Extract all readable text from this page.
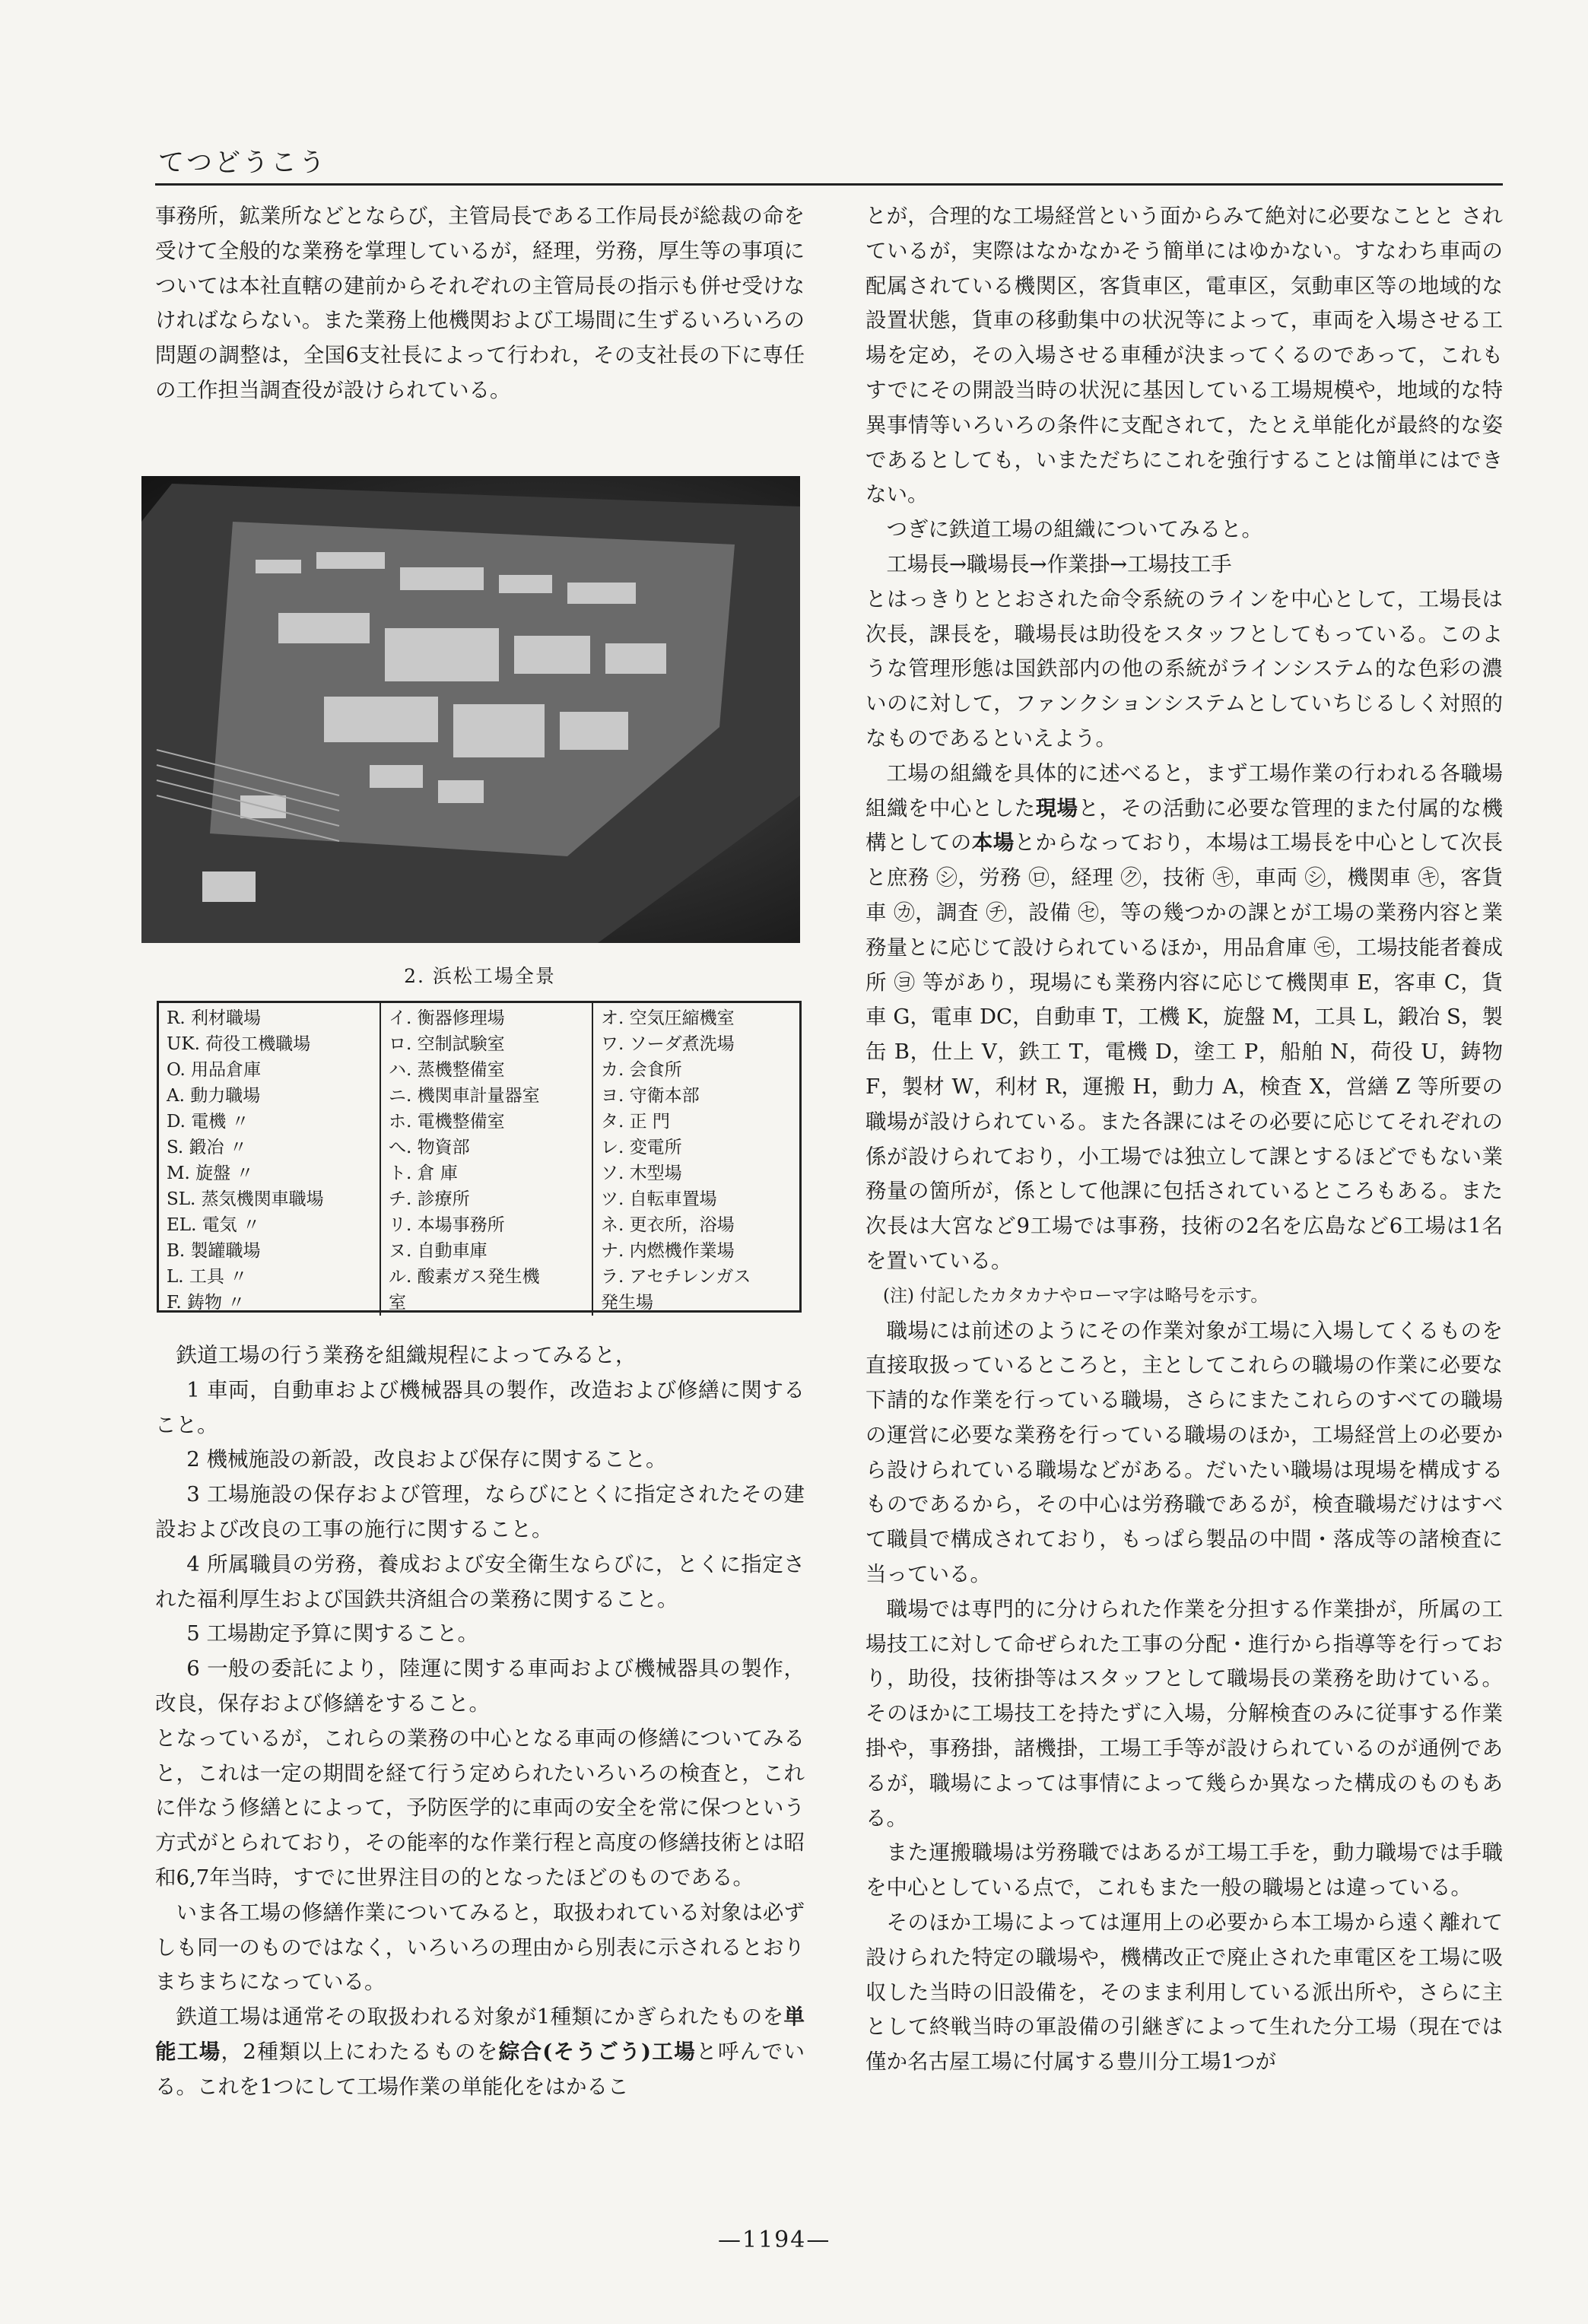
てつどうこう

事務所，鉱業所などとならび，主管局長である工作局長が総裁の命を受けて全般的な業務を掌理しているが，経理，労務，厚生等の事項については本社直轄の建前からそれぞれの主管局長の指示も併せ受けなければならない。また業務上他機関および工場間に生ずるいろいろの問題の調整は，全国6支社長によって行われ，その支社長の下に専任の工作担当調査役が設けられている。

2. 浜松工場全景
R. 利材職場
UK. 荷役工機職場
O. 用品倉庫
A. 動力職場
D. 電機 〃
S. 鍛冶 〃
M. 旋盤 〃
SL. 蒸気機関車職場
EL. 電気 〃
B. 製罐職場
L. 工具 〃
F. 鋳物 〃
イ. 衡器修理場
ロ. 空制試験室
ハ. 蒸機整備室
ニ. 機関車計量器室
ホ. 電機整備室
へ. 物資部
ト. 倉 庫
チ. 診療所
リ. 本場事務所
ヌ. 自動車庫
ル. 酸素ガス発生機
室
オ. 空気圧縮機室
ワ. ソーダ煮洗場
カ. 会食所
ヨ. 守衛本部
タ. 正 門
レ. 変電所
ソ. 木型場
ツ. 自転車置場
ネ. 更衣所，浴場
ナ. 内燃機作業場
ラ. アセチレンガス
発生場

鉄道工場の行う業務を組織規程によってみると，

1 車両，自動車および機械器具の製作，改造および修繕に関すること。

2 機械施設の新設，改良および保存に関すること。

3 工場施設の保存および管理，ならびにとくに指定されたその建設および改良の工事の施行に関すること。

4 所属職員の労務，養成および安全衛生ならびに，とくに指定された福利厚生および国鉄共済組合の業務に関すること。

5 工場勘定予算に関すること。

6 一般の委託により，陸運に関する車両および機械器具の製作，改良，保存および修繕をすること。

となっているが，これらの業務の中心となる車両の修繕についてみると，これは一定の期間を経て行う定められたいろいろの検査と，これに伴なう修繕とによって，予防医学的に車両の安全を常に保つという方式がとられており，その能率的な作業行程と高度の修繕技術とは昭和6,7年当時，すでに世界注目の的となったほどのものである。

いま各工場の修繕作業についてみると，取扱われている対象は必ずしも同一のものではなく，いろいろの理由から別表に示されるとおりまちまちになっている。

鉄道工場は通常その取扱われる対象が1種類にかぎられたものを単能工場，2種類以上にわたるものを綜合(そうごう)工場と呼んでいる。これを1つにして工場作業の単能化をはかるこ

とが，合理的な工場経営という面からみて絶対に必要なことと されているが，実際はなかなかそう簡単にはゆかない。すなわち車両の配属されている機関区，客貨車区，電車区，気動車区等の地域的な設置状態，貨車の移動集中の状況等によって，車両を入場させる工場を定め，その入場させる車種が決まってくるのであって，これもすでにその開設当時の状況に基因している工場規模や，地域的な特異事情等いろいろの条件に支配されて，たとえ単能化が最終的な姿であるとしても，いまただちにこれを強行することは簡単にはできない。

つぎに鉄道工場の組織についてみると。

工場長→職場長→作業掛→工場技工手

とはっきりととおされた命令系統のラインを中心として，工場長は次長，課長を，職場長は助役をスタッフとしてもっている。このような管理形態は国鉄部内の他の系統がラインシステム的な色彩の濃いのに対して，ファンクションシステムとしていちじるしく対照的なものであるといえよう。

工場の組織を具体的に述べると，まず工場作業の行われる各職場組織を中心とした現場と，その活動に必要な管理的また付属的な機構としての本場とからなっており，本場は工場長を中心として次長と庶務 ㋛，労務 ㋺，経理 ㋗，技術 ㋖，車両 ㋛，機関車 ㋖，客貨車 ㋕，調査 ㋠，設備 ㋝，等の幾つかの課とが工場の業務内容と業務量とに応じて設けられているほか，用品倉庫 ㋲，工場技能者養成所 ㋵ 等があり，現場にも業務内容に応じて機関車 E，客車 C，貨車 G，電車 DC，自動車 T，工機 K，旋盤 M，工具 L，鍛冶 S，製缶 B，仕上 V，鉄工 T，電機 D，塗工 P，船舶 N，荷役 U，鋳物 F，製材 W，利材 R，運搬 H，動力 A，検査 X，営繕 Z 等所要の職場が設けられている。また各課にはその必要に応じてそれぞれの係が設けられており，小工場では独立して課とするほどでもない業務量の箇所が，係として他課に包括されているところもある。また次長は大宮など9工場では事務，技術の2名を広島など6工場は1名を置いている。

(注) 付記したカタカナやローマ字は略号を示す。

職場には前述のようにその作業対象が工場に入場してくるものを直接取扱っているところと，主としてこれらの職場の作業に必要な下請的な作業を行っている職場，さらにまたこれらのすべての職場の運営に必要な業務を行っている職場のほか，工場経営上の必要から設けられている職場などがある。だいたい職場は現場を構成するものであるから，その中心は労務職であるが，検査職場だけはすべて職員で構成されており，もっぱら製品の中間・落成等の諸検査に当っている。

職場では専門的に分けられた作業を分担する作業掛が，所属の工場技工に対して命ぜられた工事の分配・進行から指導等を行っており，助役，技術掛等はスタッフとして職場長の業務を助けている。そのほかに工場技工を持たずに入場，分解検査のみに従事する作業掛や，事務掛，諸機掛，工場工手等が設けられているのが通例であるが，職場によっては事情によって幾らか異なった構成のものもある。

また運搬職場は労務職ではあるが工場工手を，動力職場では手職を中心としている点で，これもまた一般の職場とは違っている。

そのほか工場によっては運用上の必要から本工場から遠く離れて設けられた特定の職場や，機構改正で廃止された車電区を工場に吸収した当時の旧設備を，そのまま利用している派出所や，さらに主として終戦当時の軍設備の引継ぎによって生れた分工場（現在では僅か名古屋工場に付属する豊川分工場1つが

—1194—
